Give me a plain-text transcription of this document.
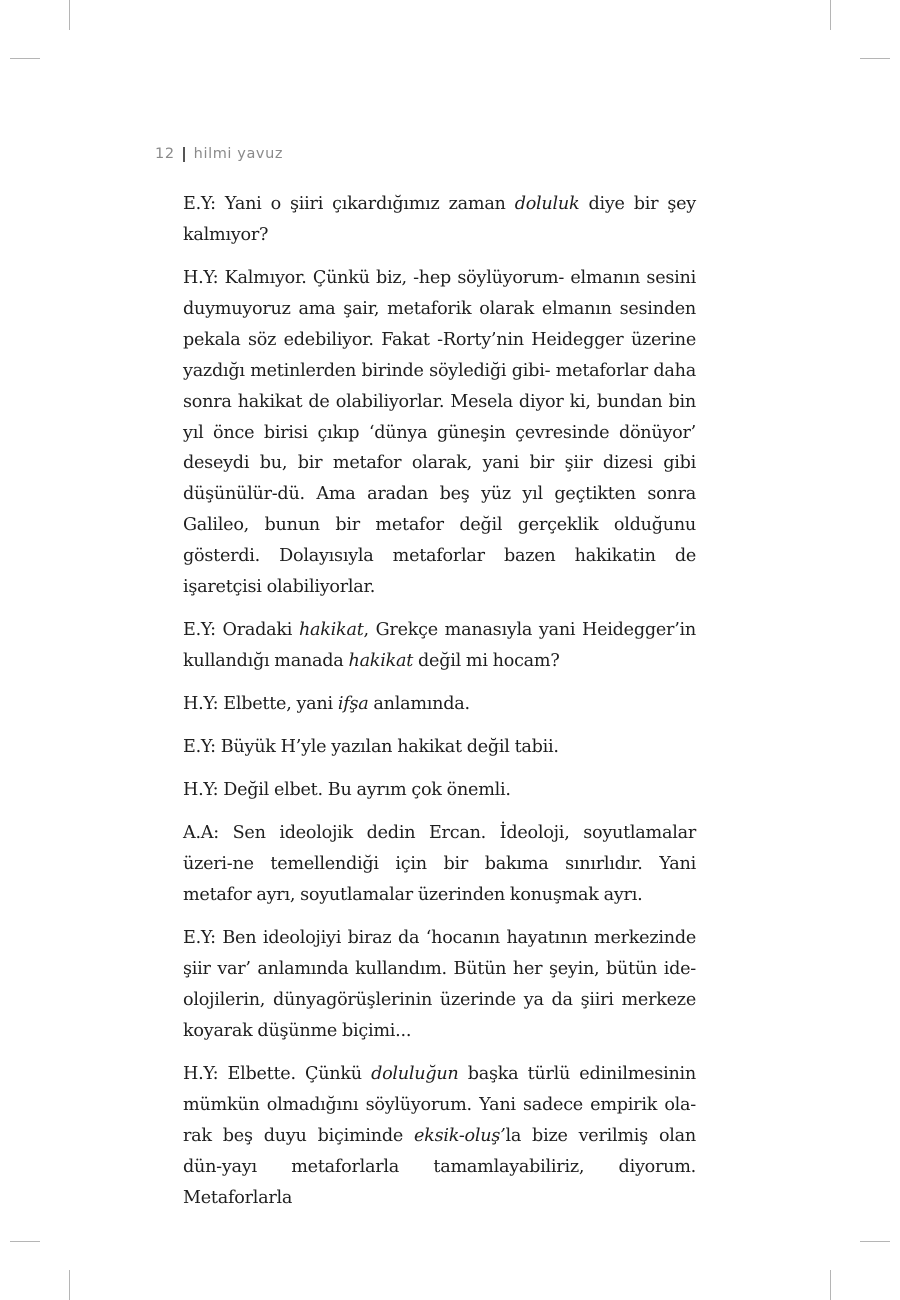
12 hilmi yavuz

E.Y: Yani o şiiri çıkardığımız zaman doluluk diye bir şey kalmıyor?

H.Y: Kalmıyor. Çünkü biz, -hep söylüyorum- elmanın sesini duymuyoruz ama şair, metaforik olarak elmanın sesinden pekala söz edebiliyor. Fakat -Rorty’nin Heidegger üzerine yazdığı metinlerden birinde söylediği gibi- metaforlar daha sonra hakikat de olabiliyorlar. Mesela diyor ki, bundan bin yıl önce birisi çıkıp ‘dünya güneşin çevresinde dönüyor’ deseydi bu, bir metafor olarak, yani bir şiir dizesi gibi düşünülür-dü. Ama aradan beş yüz yıl geçtikten sonra Galileo, bunun bir metafor değil gerçeklik olduğunu gösterdi. Dolayısıyla metaforlar bazen hakikatin de işaretçisi olabiliyorlar.

E.Y: Oradaki hakikat, Grekçe manasıyla yani Heidegger’in kullandığı manada hakikat değil mi hocam?

H.Y: Elbette, yani ifşa anlamında.

E.Y: Büyük H’yle yazılan hakikat değil tabii.

H.Y: Değil elbet. Bu ayrım çok önemli.

A.A: Sen ideolojik dedin Ercan. İdeoloji, soyutlamalar üzeri-ne temellendiği için bir bakıma sınırlıdır. Yani metafor ayrı, soyutlamalar üzerinden konuşmak ayrı.

E.Y: Ben ideolojiyi biraz da ‘hocanın hayatının merkezinde şiir var’ anlamında kullandım. Bütün her şeyin, bütün ide-olojilerin, dünyagörüşlerinin üzerinde ya da şiiri merkeze koyarak düşünme biçimi...

H.Y: Elbette. Çünkü doluluğun başka türlü edinilmesinin mümkün olmadığını söylüyorum. Yani sadece empirik ola-rak beş duyu biçiminde eksik-oluş’la bize verilmiş olan dün-yayı metaforlarla tamamlayabiliriz, diyorum. Metaforlarla
